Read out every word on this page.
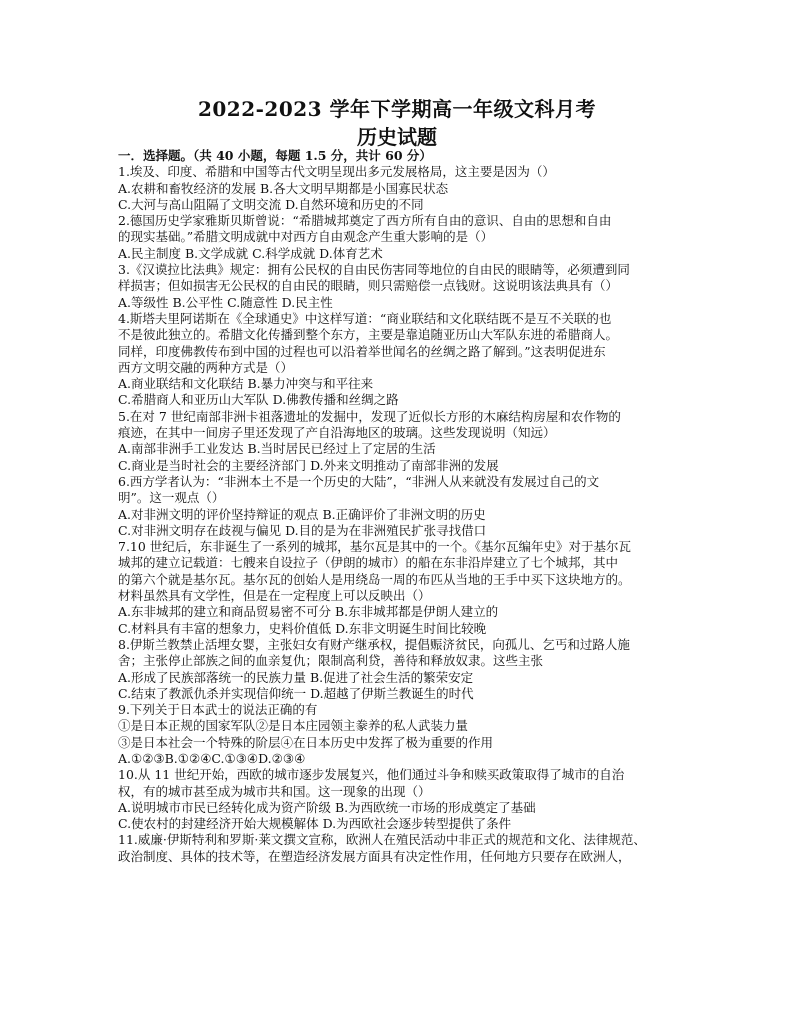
2022-2023 学年下学期高一年级文科月考
历史试题
一．选择题。（共 40 小题，每题 1.5 分，共计 60 分）
1.埃及、印度、希腊和中国等古代文明呈现出多元发展格局，这主要是因为（）
A.农耕和畜牧经济的发展 B.各大文明早期都是小国寡民状态
C.大河与高山阻隔了文明交流 D.自然环境和历史的不同
2.德国历史学家雅斯贝斯曾说：“希腊城邦奠定了西方所有自由的意识、自由的思想和自由
的现实基础。”希腊文明成就中对西方自由观念产生重大影响的是（）
A.民主制度 B.文学成就 C.科学成就 D.体育艺术
3.《汉谟拉比法典》规定：拥有公民权的自由民伤害同等地位的自由民的眼睛等，必须遭到同
样损害；但如损害无公民权的自由民的眼睛，则只需赔偿一点钱财。这说明该法典具有（）
A.等级性 B.公平性 C.随意性 D.民主性
4.斯塔夫里阿诺斯在《全球通史》中这样写道：“商业联结和文化联结既不是互不关联的也
不是彼此独立的。希腊文化传播到整个东方，主要是靠追随亚历山大军队东进的希腊商人。
同样，印度佛教传布到中国的过程也可以沿着举世闻名的丝绸之路了解到。”这表明促进东
西方文明交融的两种方式是（）
A.商业联结和文化联结 B.暴力冲突与和平往来
C.希腊商人和亚历山大军队 D.佛教传播和丝绸之路
5.在对 7 世纪南部非洲卡祖落遗址的发掘中，发现了近似长方形的木麻结构房屋和农作物的
痕迹，在其中一间房子里还发现了产自沿海地区的玻璃。这些发现说明（知远）
A.南部非洲手工业发达 B.当时居民已经过上了定居的生活
C.商业是当时社会的主要经济部门 D.外来文明推动了南部非洲的发展
6.西方学者认为：“非洲本土不是一个历史的大陆”，“非洲人从来就没有发展过自己的文
明”。这一观点（）
A.对非洲文明的评价坚持辩证的观点 B.正确评价了非洲文明的历史
C.对非洲文明存在歧视与偏见 D.目的是为在非洲殖民扩张寻找借口
7.10 世纪后，东非诞生了一系列的城邦，基尔瓦是其中的一个。《基尔瓦编年史》对于基尔瓦
城邦的建立记载道：七艘来自设拉子（伊朗的城市）的船在东非沿岸建立了七个城邦，其中
的第六个就是基尔瓦。基尔瓦的创始人是用绕岛一周的布匹从当地的王手中买下这块地方的。
材料虽然具有文学性，但是在一定程度上可以反映出（）
A.东非城邦的建立和商品贸易密不可分 B.东非城邦都是伊朗人建立的
C.材料具有丰富的想象力，史料价值低 D.东非文明诞生时间比较晚
8.伊斯兰教禁止活埋女婴，主张妇女有财产继承权，提倡赈济贫民，向孤儿、乞丐和过路人施
舍；主张停止部族之间的血亲复仇；限制高利贷，善待和释放奴隶。这些主张
A.形成了民族部落统一的民族力量 B.促进了社会生活的繁荣安定
C.结束了教派仇杀并实现信仰统一 D.超越了伊斯兰教诞生的时代
9.下列关于日本武士的说法正确的有
①是日本正规的国家军队②是日本庄园领主豢养的私人武装力量
③是日本社会一个特殊的阶层④在日本历史中发挥了极为重要的作用
A.①②③B.①②④C.①③④D.②③④
10.从 11 世纪开始，西欧的城市逐步发展复兴，他们通过斗争和赎买政策取得了城市的自治
权，有的城市甚至成为城市共和国。这一现象的出现（）
A.说明城市市民已经转化成为资产阶级 B.为西欧统一市场的形成奠定了基础
C.使农村的封建经济开始大规模解体 D.为西欧社会逐步转型提供了条件
11.威廉·伊斯特利和罗斯·莱文撰文宣称，欧洲人在殖民活动中非正式的规范和文化、法律规范、
政治制度、具体的技术等，在塑造经济发展方面具有决定性作用，任何地方只要存在欧洲人，
